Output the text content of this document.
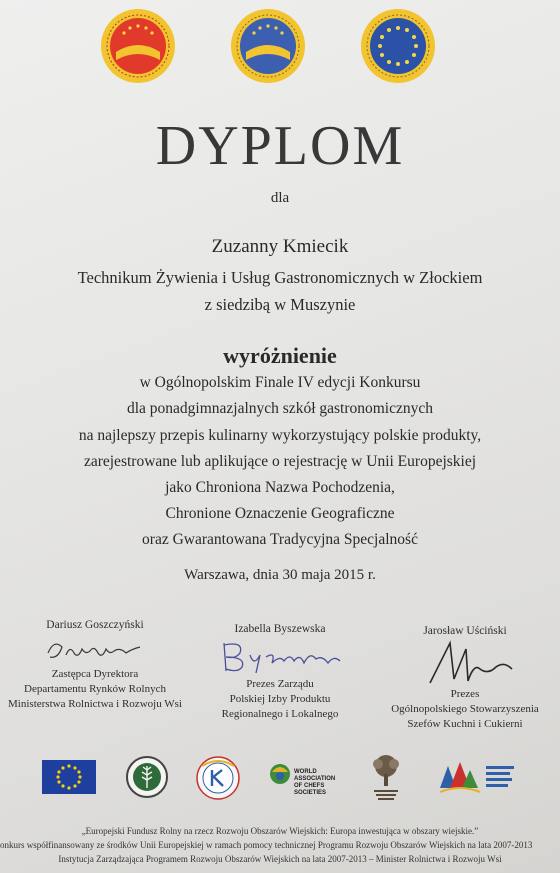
DYPLOM
dla
Zuzanny Kmiecik
Technikum Żywienia i Usług Gastronomicznych w Złockiem
z siedzibą w Muszynie
wyróżnienie
w Ogólnopolskim Finale IV edycji Konkursu
dla ponadgimnazjalnych szkół gastronomicznych
na najlepszy przepis kulinarny wykorzystujący polskie produkty,
zarejestrowane lub aplikujące o rejestrację w Unii Europejskiej
jako Chroniona Nazwa Pochodzenia,
Chronione Oznaczenie Geograficzne
oraz Gwarantowana Tradycyjna Specjalność
Warszawa, dnia 30 maja 2015 r.
Dariusz Goszczyński
Zastępca Dyrektora
Departamentu Rynków Rolnych
Ministerstwa Rolnictwa i Rozwoju Wsi
Izabella Byszewska
Prezes Zarządu
Polskiej Izby Produktu
Regionalnego i Lokalnego
Jarosław Uściński
Prezes
Ogólnopolskiego Stowarzyszenia
Szefów Kuchni i Cukierni
WORLD
ASSOCIATION
OF CHEFS
SOCIETIES
„Europejski Fundusz Rolny na rzecz Rozwoju Obszarów Wiejskich: Europa inwestująca w obszary wiejskie.”
onkurs współfinansowany ze środków Unii Europejskiej w ramach pomocy technicznej Programu Rozwoju Obszarów Wiejskich na lata 2007-2013
Instytucja Zarządzająca Programem Rozwoju Obszarów Wiejskich na lata 2007-2013 – Minister Rolnictwa i Rozwoju Wsi
